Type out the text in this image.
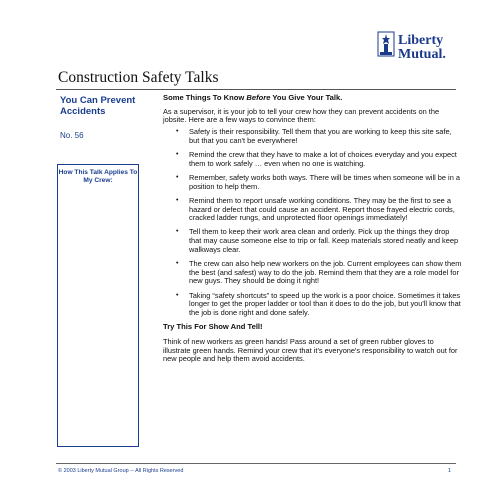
Liberty
Mutual.
Construction Safety Talks
You Can Prevent Accidents
No. 56
How This Talk Applies To My Crew:

Some Things To Know Before You Give Your Talk.

As a supervisor, it is your job to tell your crew how they can prevent accidents on the jobsite. Here are a few ways to convince them:

• Safety is their responsibility. Tell them that you are working to keep this site safe, but that you can't be everywhere!
• Remind the crew that they have to make a lot of choices everyday and you expect them to work safely … even when no one is watching.
• Remember, safety works both ways. There will be times when someone will be in a position to help them.
• Remind them to report unsafe working conditions. They may be the first to see a hazard or defect that could cause an accident. Report those frayed electric cords, cracked ladder rungs, and unprotected floor openings immediately!
• Tell them to keep their work area clean and orderly. Pick up the things they drop that may cause someone else to trip or fall. Keep materials stored neatly and keep walkways clear.
• The crew can also help new workers on the job. Current employees can show them the best (and safest) way to do the job. Remind them that they are a role model for new guys. They should be doing it right!
• Taking “safety shortcuts” to speed up the work is a poor choice. Sometimes it takes longer to get the proper ladder or tool than it does to do the job, but you'll know that the job is done right and done safely.

Try This For Show And Tell!

Think of new workers as green hands! Pass around a set of green rubber gloves to illustrate green hands. Remind your crew that it's everyone's responsibility to watch out for new people and help them avoid accidents.

© 2003 Liberty Mutual Group -- All Rights Reserved	1
